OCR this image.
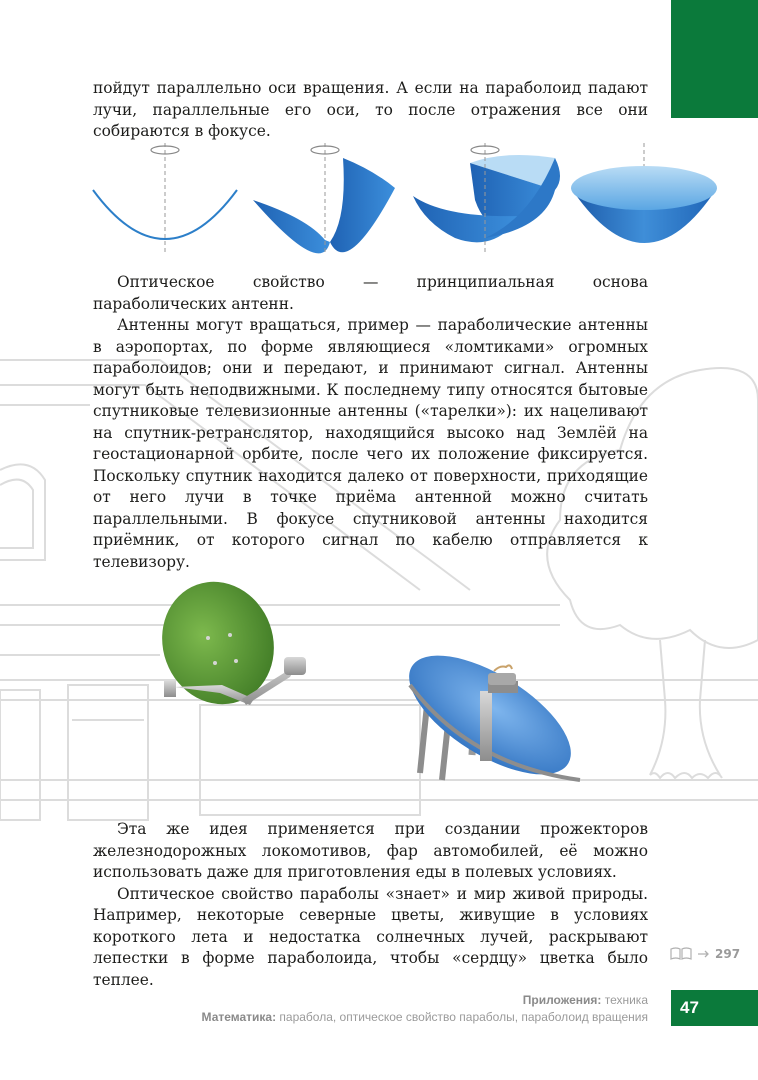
пойдут параллельно оси вращения. А если на параболоид падают лучи, параллельные его оси, то после отражения все они собираются в фокусе.

Оптическое свойство — принципиальная основа параболических антенн.

Антенны могут вращаться, пример — параболические антенны в аэропортах, по форме являющиеся «ломтиками» огромных параболоидов; они и передают, и принимают сигнал. Антенны могут быть неподвижными. К последнему типу относятся бытовые спутниковые телевизионные антенны («тарелки»): их нацеливают на спутник-ретранслятор, находящийся высоко над Землёй на геостационарной орбите, после чего их положение фиксируется. Поскольку спутник находится далеко от поверхности, приходящие от него лучи в точке приёма антенной можно считать параллельными. В фокусе спутниковой антенны находится приёмник, от которого сигнал по кабелю отправляется к телевизору.

Эта же идея применяется при создании прожекторов железнодорожных локомотивов, фар автомобилей, её можно использовать даже для приготовления еды в полевых условиях.

Оптическое свойство параболы «знает» и мир живой природы. Например, некоторые северные цветы, живущие в условиях короткого лета и недостатка солнечных лучей, раскрывают лепестки в форме параболоида, чтобы «сердцу» цветка было теплее.

297
Приложения: техника
Математика: парабола, оптическое свойство параболы, параболоид вращения	47
